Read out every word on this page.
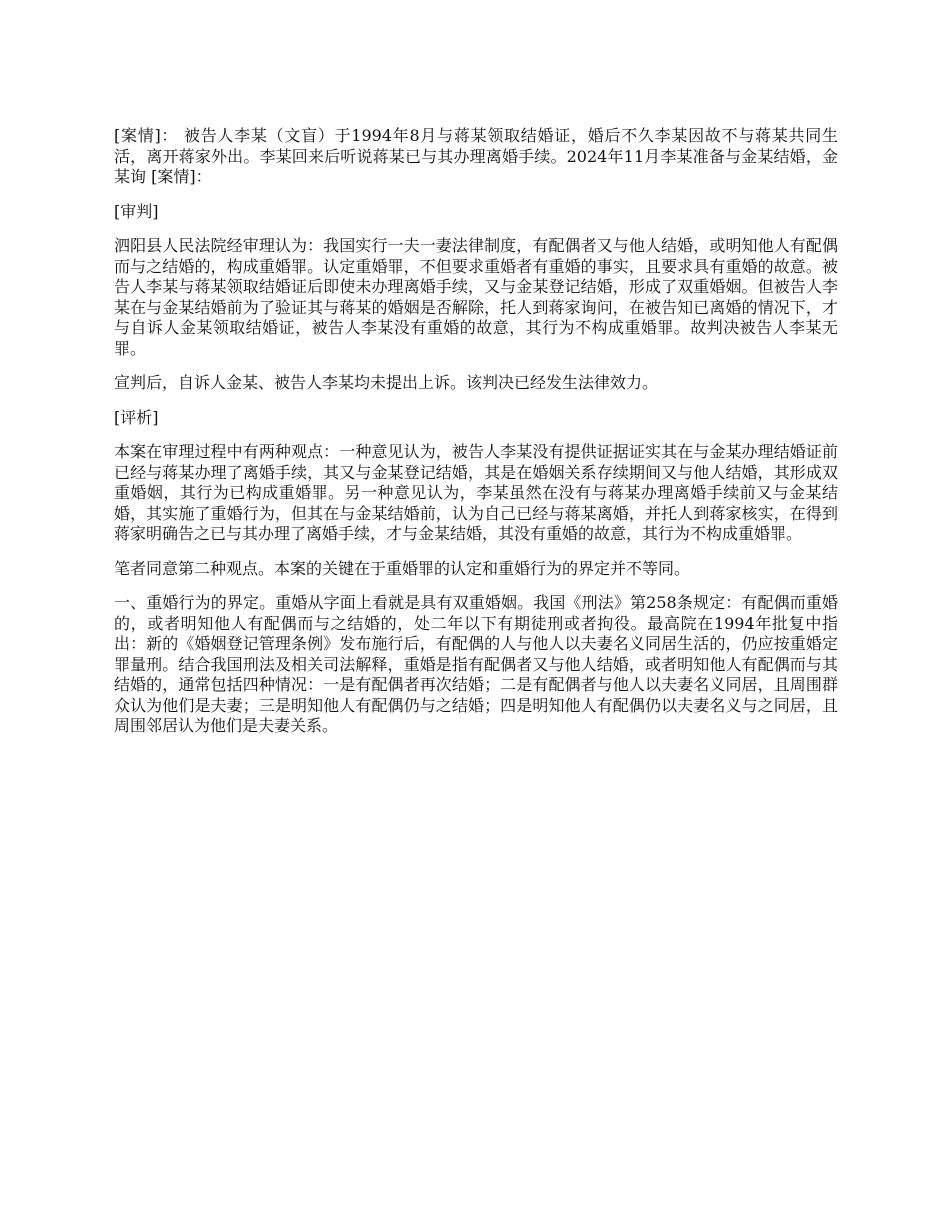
[案情]： 被告人李某（文盲）于1994年8月与蒋某领取结婚证，婚后不久李某因故不与蒋某共同生活，离开蒋家外出。李某回来后听说蒋某已与其办理离婚手续。2024年11月李某准备与金某结婚，金某询 [案情]：

[审判]

泗阳县人民法院经审理认为：我国实行一夫一妻法律制度，有配偶者又与他人结婚，或明知他人有配偶而与之结婚的，构成重婚罪。认定重婚罪，不但要求重婚者有重婚的事实，且要求具有重婚的故意。被告人李某与蒋某领取结婚证后即使未办理离婚手续，又与金某登记结婚，形成了双重婚姻。但被告人李某在与金某结婚前为了验证其与蒋某的婚姻是否解除，托人到蒋家询问，在被告知已离婚的情况下，才与自诉人金某领取结婚证，被告人李某没有重婚的故意，其行为不构成重婚罪。故判决被告人李某无罪。

宣判后，自诉人金某、被告人李某均未提出上诉。该判决已经发生法律效力。

[评析]

本案在审理过程中有两种观点：一种意见认为，被告人李某没有提供证据证实其在与金某办理结婚证前已经与蒋某办理了离婚手续，其又与金某登记结婚，其是在婚姻关系存续期间又与他人结婚，其形成双重婚姻，其行为已构成重婚罪。另一种意见认为，李某虽然在没有与蒋某办理离婚手续前又与金某结婚，其实施了重婚行为，但其在与金某结婚前，认为自己已经与蒋某离婚，并托人到蒋家核实，在得到蒋家明确告之已与其办理了离婚手续，才与金某结婚，其没有重婚的故意，其行为不构成重婚罪。

笔者同意第二种观点。本案的关键在于重婚罪的认定和重婚行为的界定并不等同。

一、重婚行为的界定。重婚从字面上看就是具有双重婚姻。我国《刑法》第258条规定：有配偶而重婚的，或者明知他人有配偶而与之结婚的，处二年以下有期徒刑或者拘役。最高院在1994年批复中指出：新的《婚姻登记管理条例》发布施行后，有配偶的人与他人以夫妻名义同居生活的，仍应按重婚定罪量刑。结合我国刑法及相关司法解释，重婚是指有配偶者又与他人结婚，或者明知他人有配偶而与其结婚的，通常包括四种情况：一是有配偶者再次结婚；二是有配偶者与他人以夫妻名义同居，且周围群众认为他们是夫妻；三是明知他人有配偶仍与之结婚；四是明知他人有配偶仍以夫妻名义与之同居，且周围邻居认为他们是夫妻关系。
